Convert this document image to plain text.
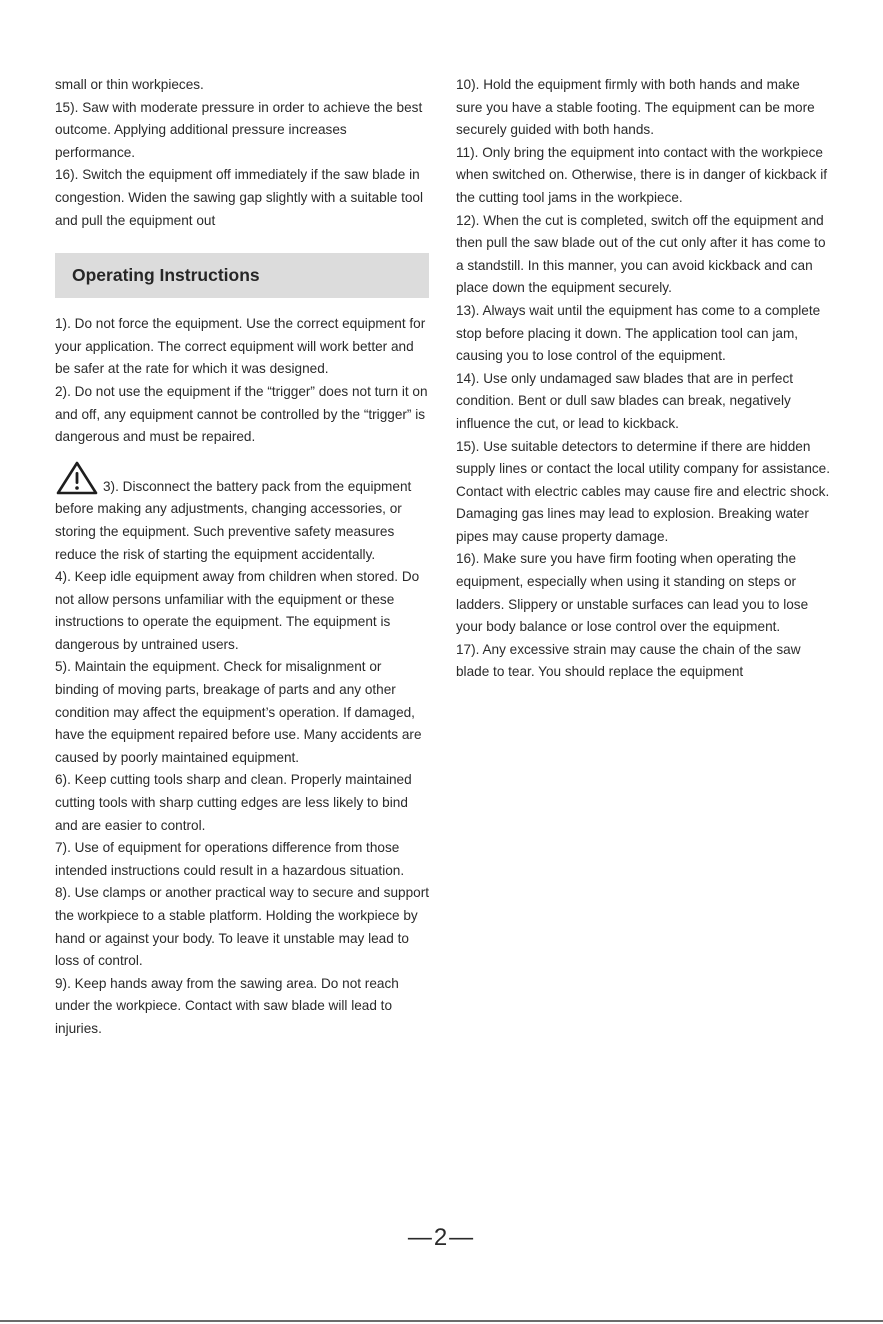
small or thin workpieces.

15). Saw with moderate pressure in order to achieve the best outcome. Applying additional pressure increases performance.

16). Switch the equipment off immediately if the saw blade in congestion. Widen the sawing gap slightly with a suitable tool and pull the equipment out

Operating Instructions

1). Do not force the equipment. Use the correct equipment for your application. The correct equipment will work better and be safer at the rate for which it was designed.

2). Do not use the equipment if the “trigger” does not turn it on and off, any equipment cannot be controlled by the “trigger” is dangerous and must be repaired.

3). Disconnect the battery pack from the equipment before making any adjustments, changing accessories, or storing the equipment. Such preventive safety measures reduce the risk of starting the equipment accidentally.

4). Keep idle equipment away from children when stored. Do not allow persons unfamiliar with the equipment or these instructions to operate the equipment. The equipment is dangerous by untrained users.

5). Maintain the equipment. Check for misalignment or binding of moving parts, breakage of parts and any other condition may affect the equipment’s operation. If damaged, have the equipment repaired before use. Many accidents are caused by poorly maintained equipment.

6). Keep cutting tools sharp and clean. Properly maintained cutting tools with sharp cutting edges are less likely to bind and are easier to control.

7). Use of equipment for operations difference from those intended instructions could result in a hazardous situation.

8). Use clamps or another practical way to secure and support the workpiece to a stable platform. Holding the workpiece by hand or against your body. To leave it unstable may lead to loss of control.

9). Keep hands away from the sawing area. Do not reach under the workpiece. Contact with saw blade will lead to injuries.

10). Hold the equipment firmly with both hands and make sure you have a stable footing. The equipment can be more securely guided with both hands.

11). Only bring the equipment into contact with the workpiece when switched on. Otherwise, there is in danger of kickback if the cutting tool jams in the workpiece.

12). When the cut is completed, switch off the equipment and then pull the saw blade out of the cut only after it has come to a standstill. In this manner, you can avoid kickback and can place down the equipment securely.

13). Always wait until the equipment has come to a complete stop before placing it down. The application tool can jam, causing you to lose control of the equipment.

14). Use only undamaged saw blades that are in perfect condition. Bent or dull saw blades can break, negatively influence the cut, or lead to kickback.

15). Use suitable detectors to determine if there are hidden supply lines or contact the local utility company for assistance. Contact with electric cables may cause fire and electric shock. Damaging gas lines may lead to explosion. Breaking water pipes may cause property damage.

16). Make sure you have firm footing when operating the equipment, especially when using it standing on steps or ladders. Slippery or unstable surfaces can lead you to lose your body balance or lose control over the equipment.

17). Any excessive strain may cause the chain of the saw blade to tear. You should replace the equipment

—2—
